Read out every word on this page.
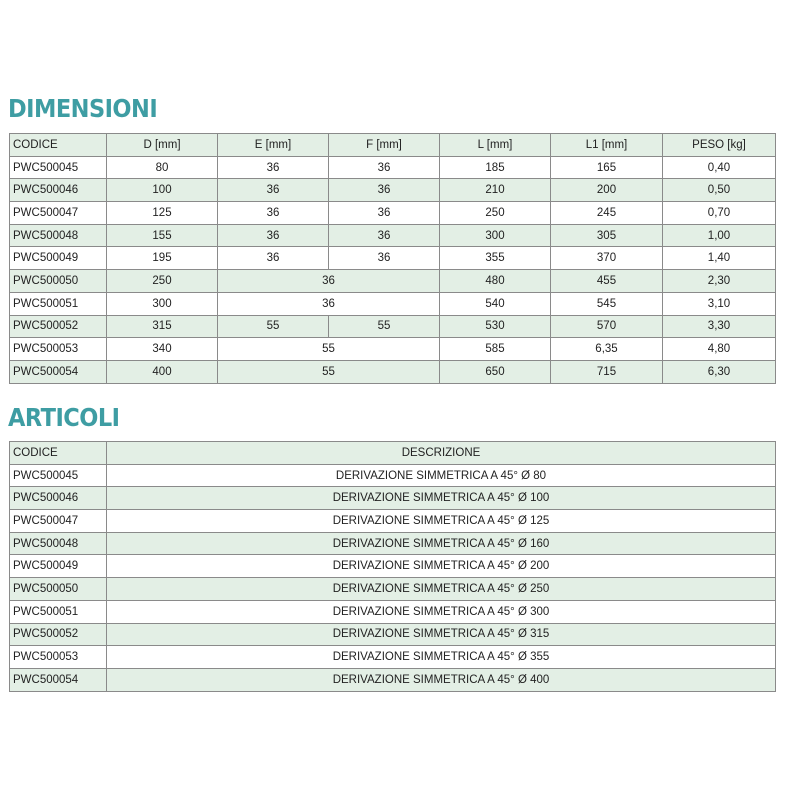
DIMENSIONI
CODICE	D [mm]	E [mm]	F [mm]	L [mm]	L1 [mm]	PESO [kg]
PWC500045	80	36	36	185	165	0,40
PWC500046	100	36	36	210	200	0,50
PWC500047	125	36	36	250	245	0,70
PWC500048	155	36	36	300	305	1,00
PWC500049	195	36	36	355	370	1,40
PWC500050	250	36		480	455	2,30
PWC500051	300	36		540	545	3,10
PWC500052	315	55	55	530	570	3,30
PWC500053	340	55		585	6,35	4,80
PWC500054	400	55		650	715	6,30
ARTICOLI
CODICE	DESCRIZIONE
PWC500045	DERIVAZIONE SIMMETRICA A 45° Ø 80
PWC500046	DERIVAZIONE SIMMETRICA A 45° Ø 100
PWC500047	DERIVAZIONE SIMMETRICA A 45° Ø 125
PWC500048	DERIVAZIONE SIMMETRICA A 45° Ø 160
PWC500049	DERIVAZIONE SIMMETRICA A 45° Ø 200
PWC500050	DERIVAZIONE SIMMETRICA A 45° Ø 250
PWC500051	DERIVAZIONE SIMMETRICA A 45° Ø 300
PWC500052	DERIVAZIONE SIMMETRICA A 45° Ø 315
PWC500053	DERIVAZIONE SIMMETRICA A 45° Ø 355
PWC500054	DERIVAZIONE SIMMETRICA A 45° Ø 400
